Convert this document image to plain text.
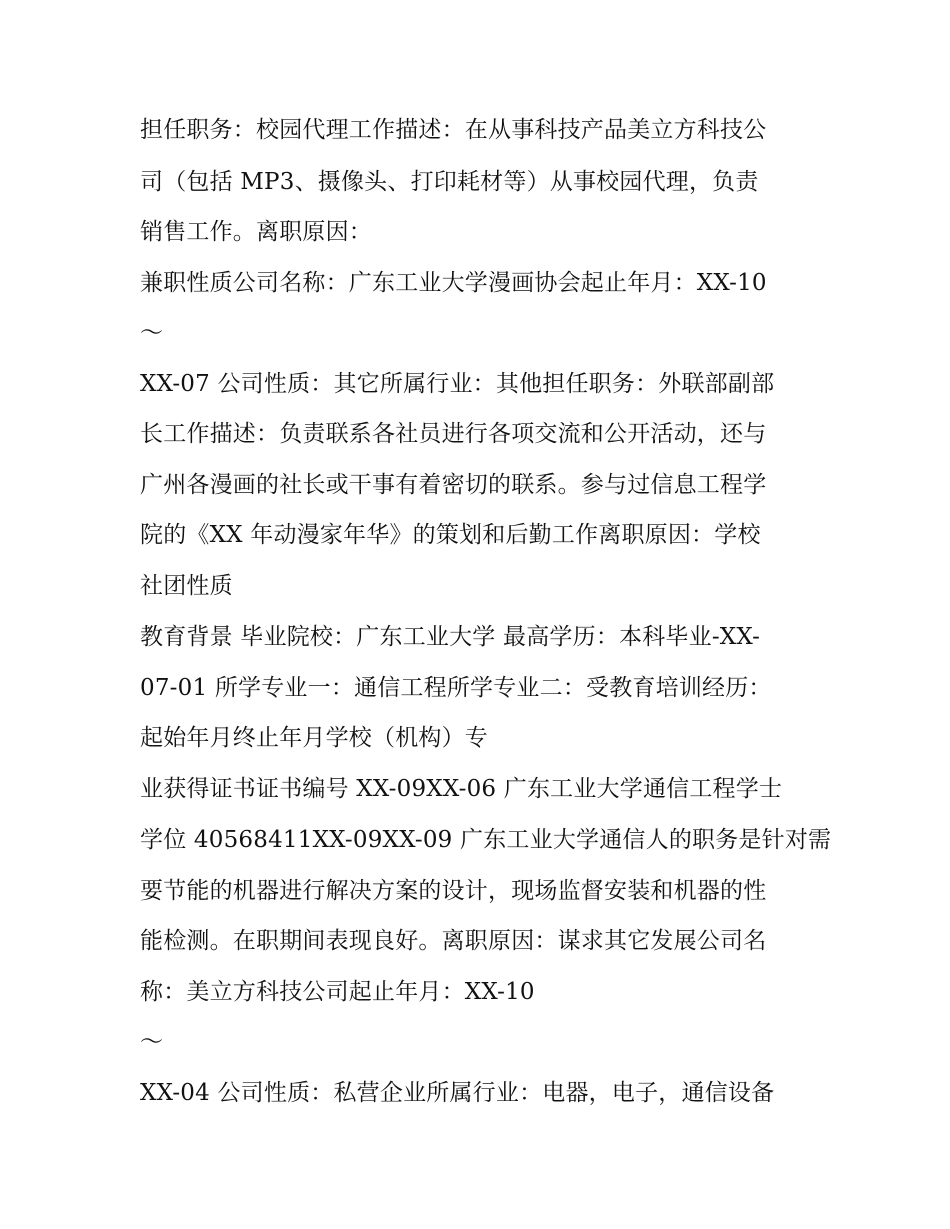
担任职务：校园代理工作描述：在从事科技产品美立方科技公

司（包括 MP3、摄像头、打印耗材等）从事校园代理，负责

销售工作。离职原因：

兼职性质公司名称：广东工业大学漫画协会起止年月：XX-10

～

XX-07 公司性质：其它所属行业：其他担任职务：外联部副部

长工作描述：负责联系各社员进行各项交流和公开活动，还与

广州各漫画的社长或干事有着密切的联系。参与过信息工程学

院的《XX 年动漫家年华》的策划和后勤工作离职原因：学校

社团性质

教育背景 毕业院校：广东工业大学 最高学历：本科毕业-XX-

07-01 所学专业一：通信工程所学专业二：受教育培训经历：

起始年月终止年月学校（机构）专

业获得证书证书编号 XX-09XX-06 广东工业大学通信工程学士

学位 40568411XX-09XX-09 广东工业大学通信人的职务是针对需

要节能的机器进行解决方案的设计，现场监督安装和机器的性

能检测。在职期间表现良好。离职原因：谋求其它发展公司名

称：美立方科技公司起止年月：XX-10

～

XX-04 公司性质：私营企业所属行业：电器，电子，通信设备
